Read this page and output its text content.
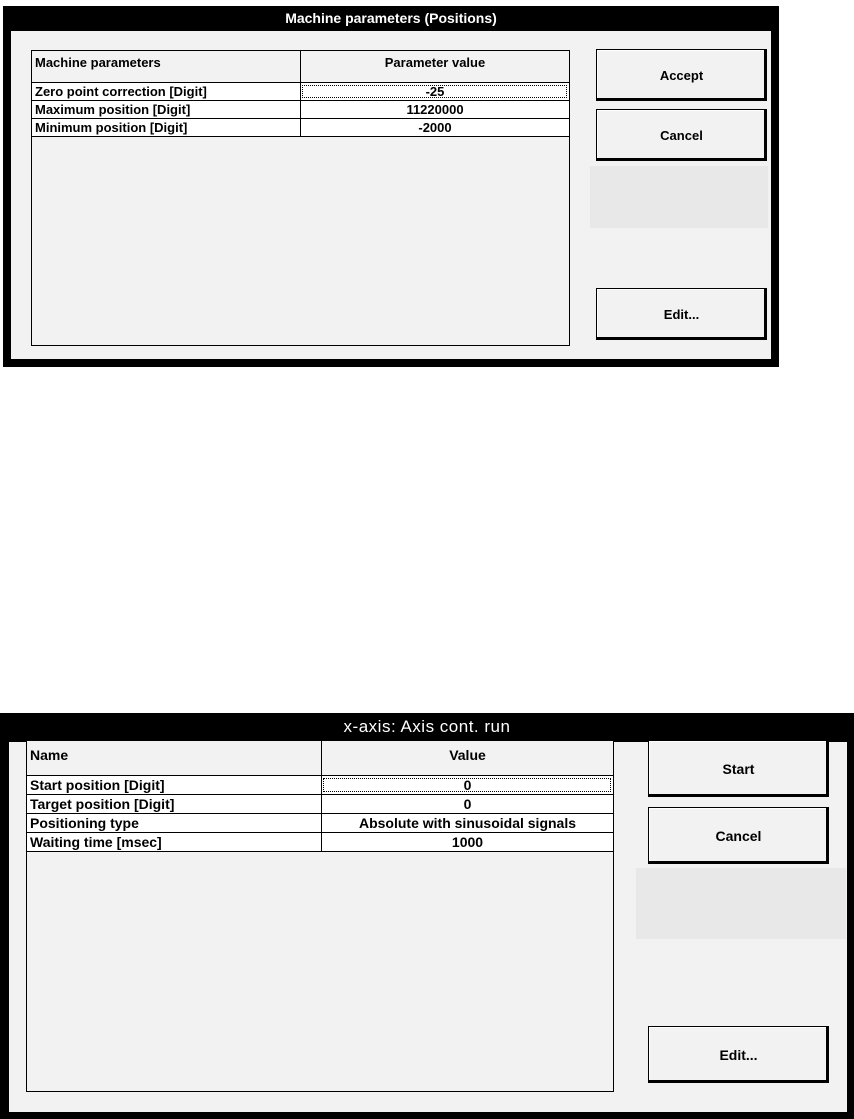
Machine parameters (Positions)
Machine parameters	Parameter value
Zero point correction [Digit]	-25
Maximum position [Digit]	11220000
Minimum position [Digit]	-2000
Accept
Cancel
Edit...
x-axis: Axis cont. run
Name	Value
Start position [Digit]	0
Target position [Digit]	0
Positioning type	Absolute with sinusoidal signals
Waiting time [msec]	1000
Start
Cancel
Edit...
